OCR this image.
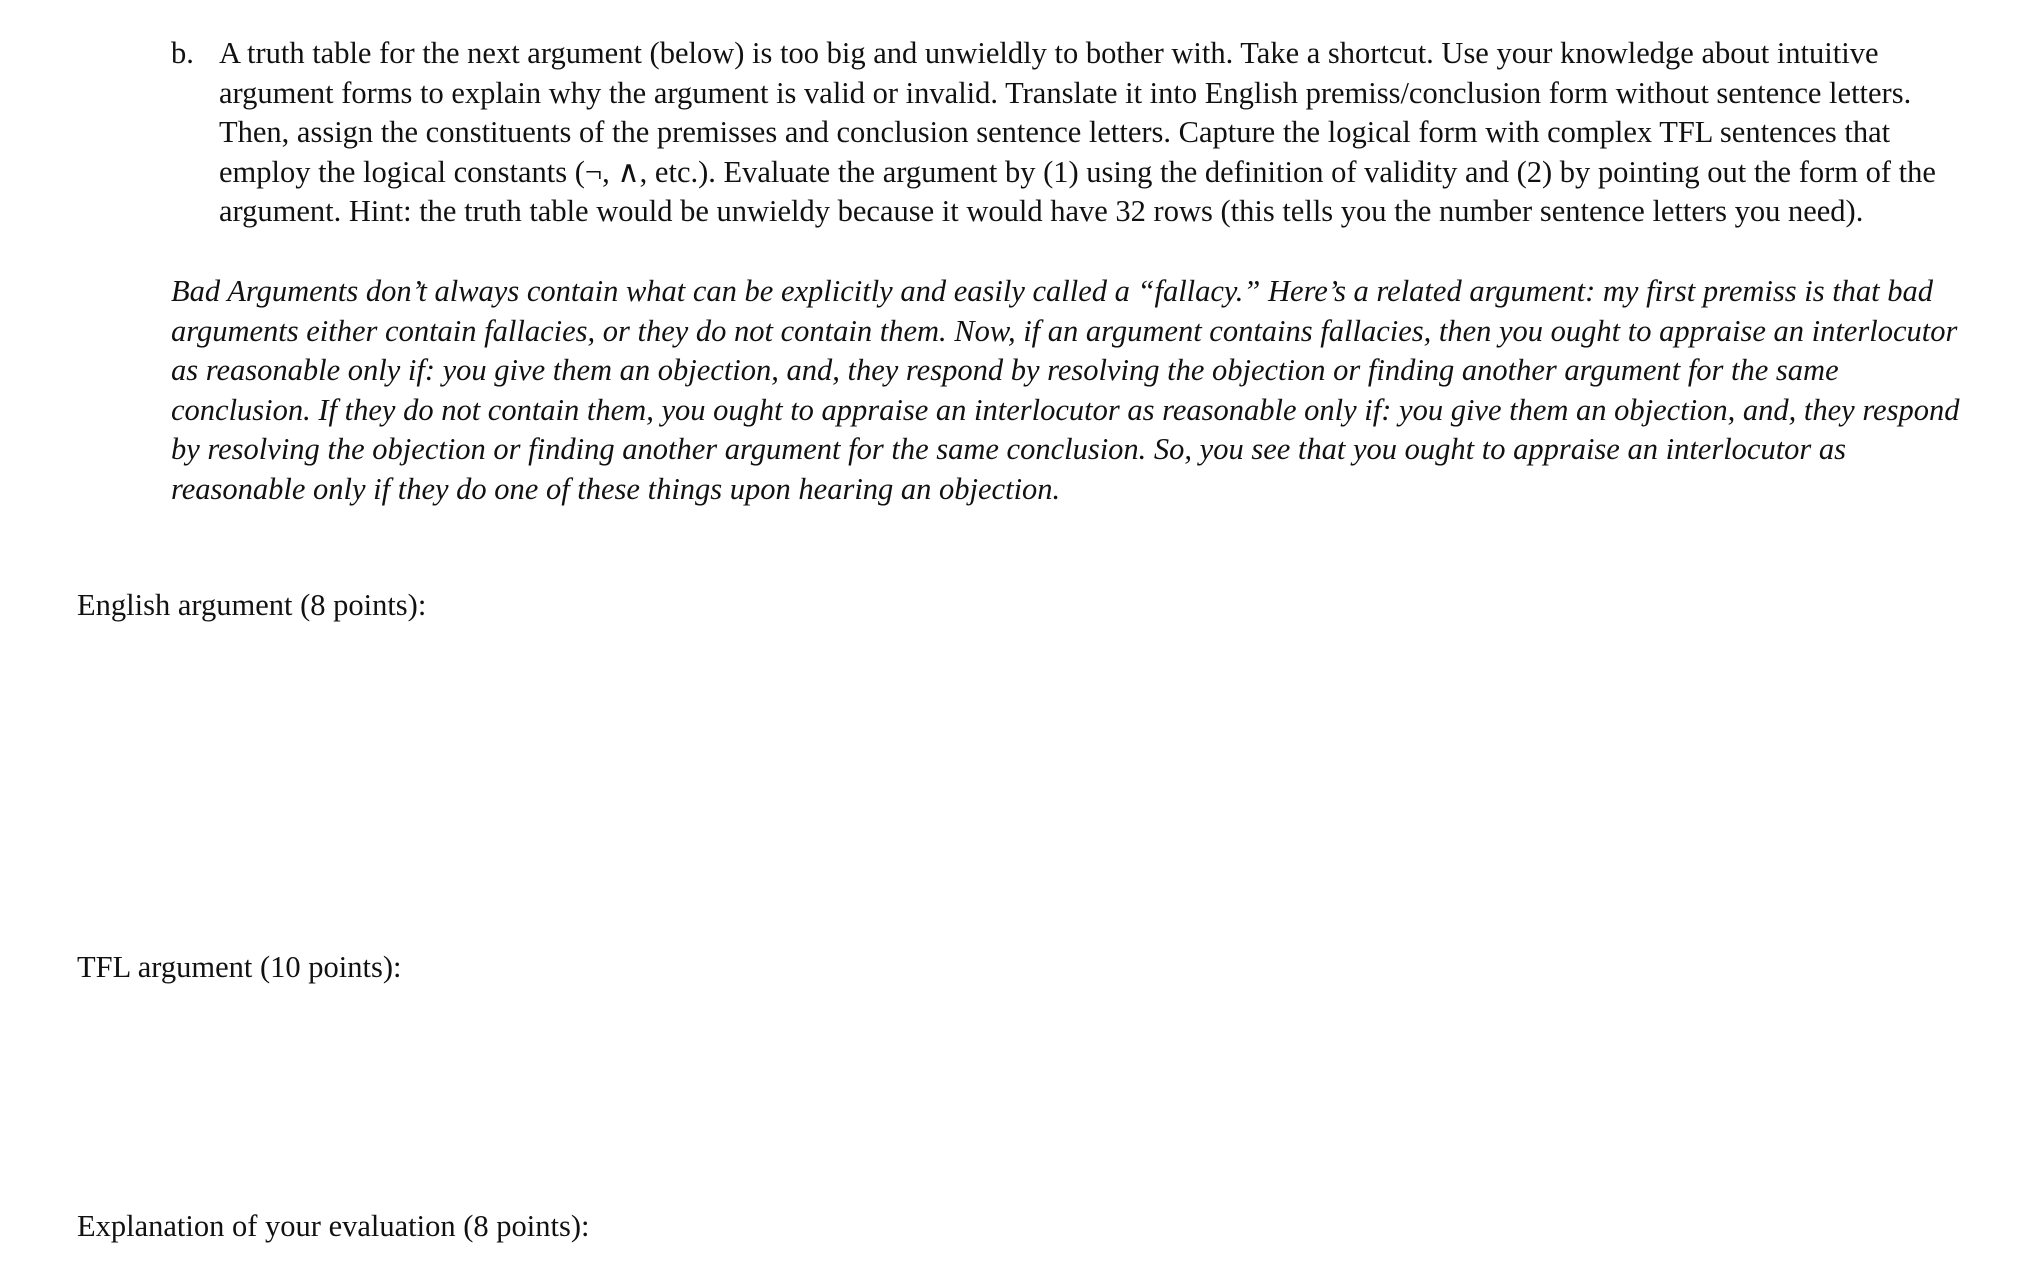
b. A truth table for the next argument (below) is too big and unwieldly to bother with. Take a shortcut. Use your knowledge about intuitive argument forms to explain why the argument is valid or invalid. Translate it into English premiss/conclusion form without sentence letters. Then, assign the constituents of the premisses and conclusion sentence letters. Capture the logical form with complex TFL sentences that employ the logical constants (¬, ∧, etc.). Evaluate the argument by (1) using the definition of validity and (2) by pointing out the form of the argument. Hint: the truth table would be unwieldy because it would have 32 rows (this tells you the number sentence letters you need).
Bad Arguments don’t always contain what can be explicitly and easily called a “fallacy.” Here’s a related argument: my first premiss is that bad arguments either contain fallacies, or they do not contain them. Now, if an argument contains fallacies, then you ought to appraise an interlocutor as reasonable only if: you give them an objection, and, they respond by resolving the objection or finding another argument for the same conclusion. If they do not contain them, you ought to appraise an interlocutor as reasonable only if: you give them an objection, and, they respond by resolving the objection or finding another argument for the same conclusion. So, you see that you ought to appraise an interlocutor as reasonable only if they do one of these things upon hearing an objection.
English argument (8 points):
TFL argument (10 points):
Explanation of your evaluation (8 points):
